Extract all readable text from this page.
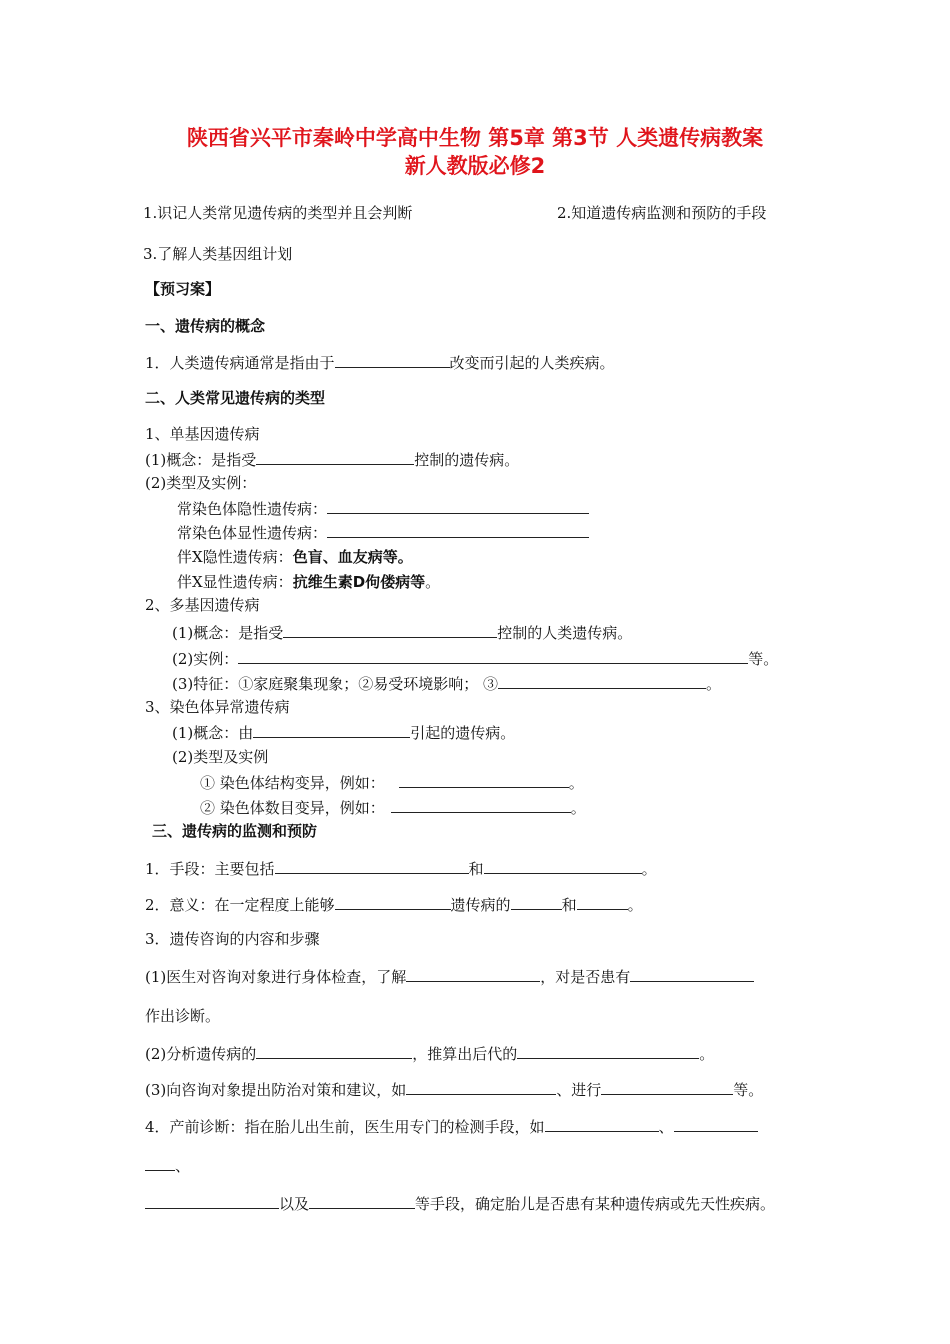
陕西省兴平市秦岭中学高中生物 第5章 第3节 人类遗传病教案
新人教版必修2
1.识记人类常见遗传病的类型并且会判断	2.知道遗传病监测和预防的手段
3.了解人类基因组计划
【预习案】
一、遗传病的概念
1．人类遗传病通常是指由于	改变而引起的人类疾病。
二、人类常见遗传病的类型
1、单基因遗传病
(1)概念：是指受	控制的遗传病。
(2)类型及实例：
常染色体隐性遗传病：
常染色体显性遗传病：
伴X隐性遗传病：色盲、血友病等。
伴X显性遗传病：抗维生素D佝偻病等。
2、多基因遗传病
(1)概念：是指受	控制的人类遗传病。
(2)实例：	等。
(3)特征：①家庭聚集现象；②易受环境影响； ③	。
3、染色体异常遗传病
(1)概念：由	引起的遗传病。
(2)类型及实例
① 染色体结构变异，例如：	。
② 染色体数目变异，例如：	。
三、遗传病的监测和预防
1．手段：主要包括	和	。
2．意义：在一定程度上能够	遗传病的	和	。
3．遗传咨询的内容和步骤
(1)医生对咨询对象进行身体检查，了解	，对是否患有
作出诊断。
(2)分析遗传病的	，推算出后代的	。
(3)向咨询对象提出防治对策和建议，如	、进行	等。
4．产前诊断：指在胎儿出生前，医生用专门的检测手段，如	、
、
以及	等手段，确定胎儿是否患有某种遗传病或先天性疾病。
